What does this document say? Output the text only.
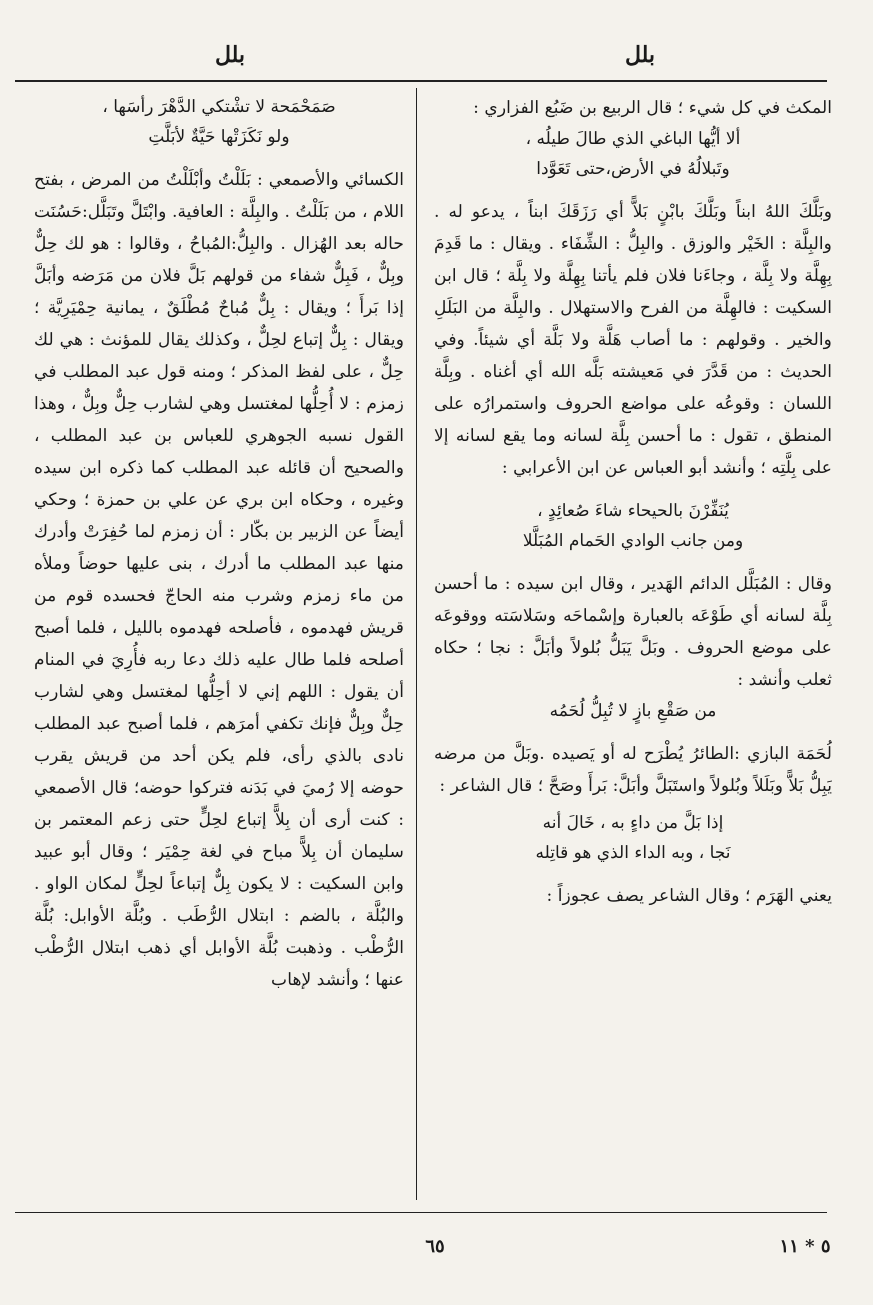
بلل
بلل

المكث في كل شيء ؛ قال الربيع بن ضَبُع الفزاري :

ألا أيُّها الباغي الذي طالَ طيلُه ،

وتَبلالُهُ في الأرض،حتى تَعَوَّدا

وبَلَّكَ اللهُ ابناً وبَلَّكَ بابْنٍ بَلاًّ أي رَزَقَكَ ابناً ، يدعو له . والبِلَّة : الخَيْر والوزق . والبِلُّ : الشِّفَاء . ويقال : ما قَدِمَ بِهِلَّة ولا بِلَّة ، وجاءَنا فلان فلم يأتنا بِهِلَّة ولا بِلَّة ؛ قال ابن السكيت : فالهِلَّة من الفرح والاستهلال . والبِلَّة من البَلَلِ والخير . وقولهم : ما أصاب هَلَّة ولا بَلَّة أي شيئاً. وفي الحديث : من قَدَّرَ في مَعيشته بَلَّه الله أي أغناه . وبِلَّة اللسان : وقوعُه على مواضع الحروف واستمرارُه على المنطق ، تقول : ما أحسن بِلَّة لسانه وما يقع لسانه إلا على بِلَّتِه ؛ وأنشد أبو العباس عن ابن الأعرابي :

يُنَفِّرْنَ بالحيحاء شاءَ صُعائِدٍ ،

ومن جانب الوادي الحَمام المُبَلَّلا

وقال : المُبَلَّل الدائم الهَدير ، وقال ابن سيده : ما أحسن بِلَّة لسانه أي طَوْعَه بالعبارة وإسْماحَه وسَلاسَته ووقوعَه على موضع الحروف . وبَلَّ يَبَلُّ بُلولاً وأبَلَّ : نجا ؛ حكاه ثعلب وأنشد :

من صَقْعِ بازٍ لا تُبِلُّ لُحَمُه

لُحَمَة البازي :الطائرُ يُطْرَح له أو يَصيده .وبَلَّ من مرضه يَبِلُّ بَلاًّ وبَلَلاً وبُلولاً واستَبَلَّ وأبَلَّ: بَرأَ وصَحَّ ؛ قال الشاعر :

إذا بَلَّ من داءٍ به ، خَالَ أنه

نَجا ، وبه الداء الذي هو قاتِله

يعني الهَرَم ؛ وقال الشاعر يصف عجوزاً :

صَمَحْمَحة لا تشْتكي الدَّهْرَ رأسَها ،

ولو نَكَزَتْها حَيَّةٌ لأبَلَّتِ

الكسائي والأصمعي : بَلَلْتُ وأبْلَلْتُ من المرض ، بفتح اللام ، من بَلَلْتُ . والبِلَّة : العافية. وابْتَلَّ وتَبَلَّل:حَسُنَت حاله بعد الهُزال . والبِلُّ:المُباحُ ، وقالوا : هو لك حِلٌّ وبِلٌّ ، فَبِلٌّ شفاء من قولهم بَلَّ فلان من مَرَضه وأبَلَّ إذا بَرأَ ؛ ويقال : بِلٌّ مُباحٌ مُطْلَقٌ ، يمانية حِمْيَرِيَّة ؛ ويقال : بِلٌّ إتباع لحِلٌّ ، وكذلك يقال للمؤنث : هي لك حِلٌّ ، على لفظ المذكر ؛ ومنه قول عبد المطلب في زمزم : لا أُحِلُّها لمغتسل وهي لشارب حِلٌّ وبِلٌّ ، وهذا القول نسبه الجوهري للعباس بن عبد المطلب ، والصحيح أن قائله عبد المطلب كما ذكره ابن سيده وغيره ، وحكاه ابن بري عن علي بن حمزة ؛ وحكي أيضاً عن الزبير بن بكّار : أن زمزم لما حُفِرَتْ وأدرك منها عبد المطلب ما أدرك ، بنى عليها حوضاً وملأه من ماء زمزم وشرب منه الحاجّ فحسده قوم من قريش فهدموه ، فأصلحه فهدموه بالليل ، فلما أصبح أصلحه فلما طال عليه ذلك دعا ربه فأُرِيَ في المنام أن يقول : اللهم إني لا أحِلُّها لمغتسل وهي لشارب حِلٌّ وبِلٌّ فإنك تكفي أمرَهم ، فلما أصبح عبد المطلب نادى بالذي رأى، فلم يكن أحد من قريش يقرب حوضه إلا رُميَ في بَدَنه فتركوا حوضه؛ قال الأصمعي : كنت أرى أن بِلاًّ إتباع لحِلٍّ حتى زعم المعتمر بن سليمان أن بِلاًّ مباح في لغة حِمْيَر ؛ وقال أبو عبيد وابن السكيت : لا يكون بِلٌّ إتباعاً لحِلٍّ لمكان الواو . والبُلَّة ، بالضم : ابتلال الرُّطَب . وبُلَّة الأوابل: بُلَّة الرُّطْب . وذهبت بُلَّة الأوابل أي ذهب ابتلال الرُّطْب عنها ؛ وأنشد لإهاب

٦٥	٥ * ١١
